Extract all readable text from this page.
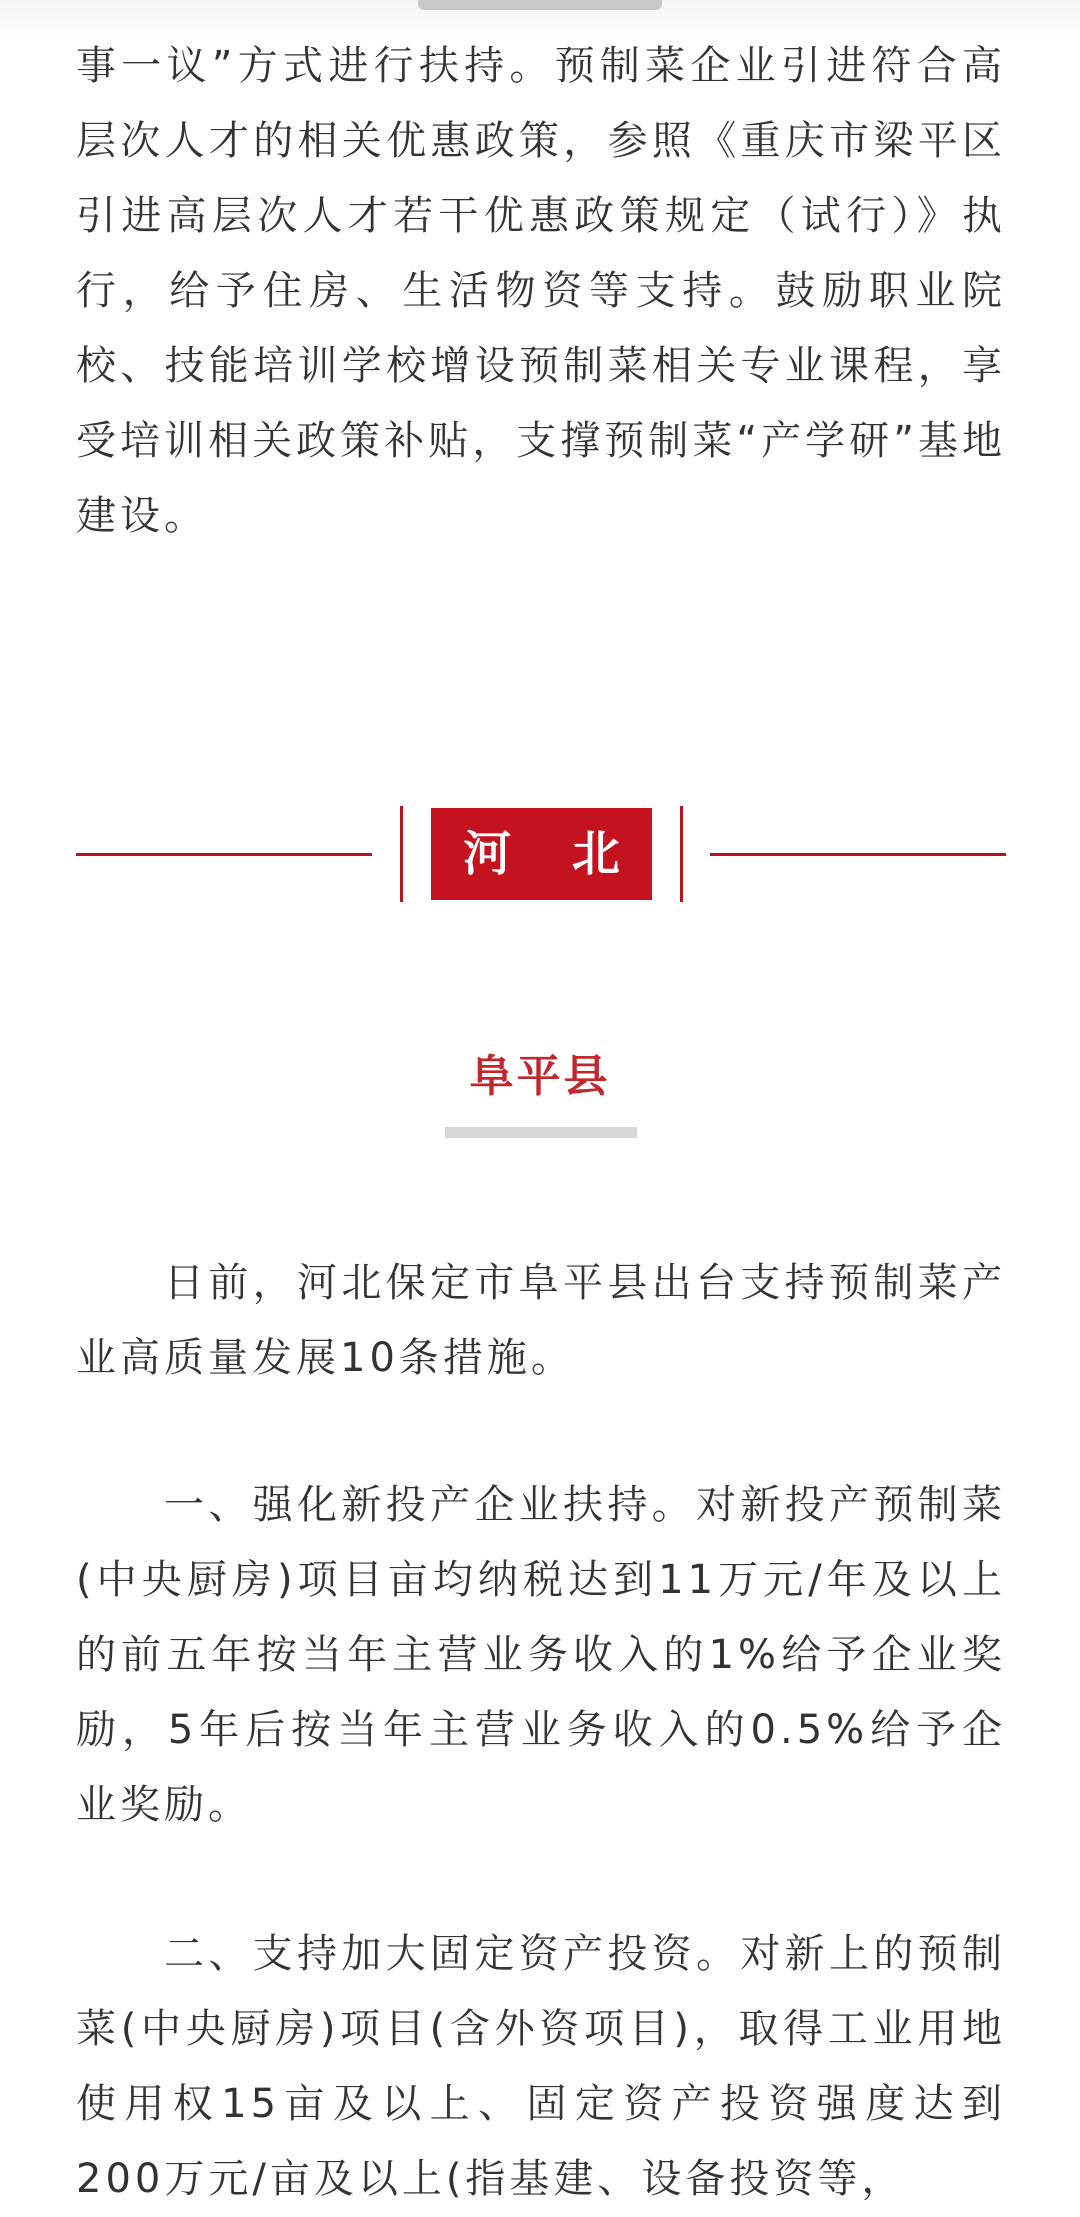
事一议”方式进行扶持。预制菜企业引进符合高层次人才的相关优惠政策，参照《重庆市梁平区引进高层次人才若干优惠政策规定（试行）》执行，给予住房、生活物资等支持。鼓励职业院校、技能培训学校增设预制菜相关专业课程，享受培训相关政策补贴，支撑预制菜“产学研”基地建设。

河 北
阜平县

日前，河北保定市阜平县出台支持预制菜产业高质量发展10条措施。

一、强化新投产企业扶持。对新投产预制菜(中央厨房)项目亩均纳税达到11万元/年及以上的前五年按当年主营业务收入的1%给予企业奖励，5年后按当年主营业务收入的0.5%给予企业奖励。

二、支持加大固定资产投资。对新上的预制菜(中央厨房)项目(含外资项目)，取得工业用地使用权15亩及以上、固定资产投资强度达到200万元/亩及以上(指基建、设备投资等，
